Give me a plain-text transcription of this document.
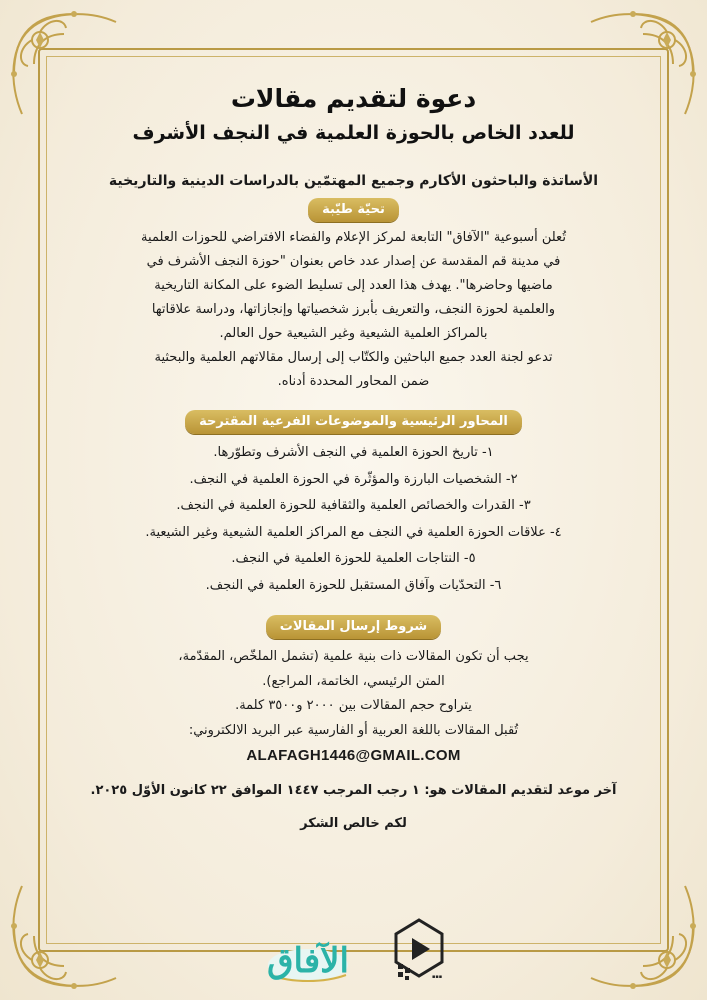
دعوة لتقديم مقالات
للعدد الخاص بالحوزة العلمية في النجف الأشرف
الأساتذة والباحثون الأكارم وجميع المهتمّين بالدراسات الدينية والتاريخية
تحيّة طيّبة

تُعلن أسبوعية "الآفاق" التابعة لمركز الإعلام والفضاء الافتراضي للحوزات العلمية

في مدينة قم المقدسة عن إصدار عدد خاص بعنوان "حوزة النجف الأشرف في

ماضيها وحاضرها". يهدف هذا العدد إلى تسليط الضوء على المكانة التاريخية

والعلمية لحوزة النجف، والتعريف بأبرز شخصياتها وإنجازاتها، ودراسة علاقاتها

بالمراكز العلمية الشيعية وغير الشيعية حول العالم.

تدعو لجنة العدد جميع الباحثين والكتّاب إلى إرسال مقالاتهم العلمية والبحثية

ضمن المحاور المحددة أدناه.

المحاور الرئيسية والموضوعات الفرعية المقترحة
١- تاريخ الحوزة العلمية في النجف الأشرف وتطوّرها.
٢- الشخصيات البارزة والمؤثّرة في الحوزة العلمية في النجف.
٣- القدرات والخصائص العلمية والثقافية للحوزة العلمية في النجف.
٤- علاقات الحوزة العلمية في النجف مع المراكز العلمية الشيعية وغير الشيعية.
٥- النتاجات العلمية للحوزة العلمية في النجف.
٦- التحدّيات وآفاق المستقبل للحوزة العلمية في النجف.
شروط إرسال المقالات
يجب أن تكون المقالات ذات بنية علمية (تشمل الملخّص، المقدّمة،
المتن الرئيسي، الخاتمة، المراجع).
يتراوح حجم المقالات بين ٢٠٠٠ و٣٥٠٠ كلمة.
تُقبل المقالات باللغة العربية أو الفارسية عبر البريد الالكتروني:
ALAFAGH1446@GMAIL.COM
آخر موعد لتقديم المقالات هو: ١ رجب المرجب ١٤٤٧ الموافق ٢٢ كانون الأوّل ٢٠٢٥.
لكم خالص الشكر
الآفاق	▪▪▪
